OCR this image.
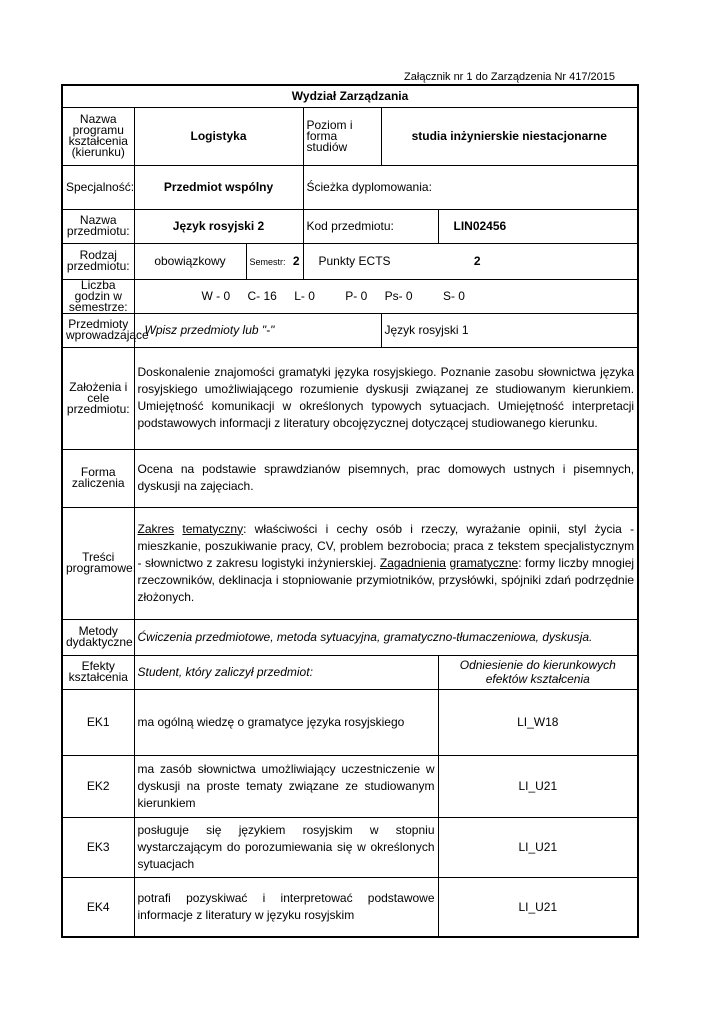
Załącznik nr 1 do Zarządzenia Nr 417/2015
Wydział Zarządzania					
Nazwa programu kształcenia (kierunku)	Logistyka		Poziom i forma studiów	studia inżynierskie niestacjonarne	
Specjalność:	Przedmiot wspólny		Ścieżka dyplomowania:		
Nazwa przedmiotu:	Język rosyjski 2		Kod przedmiotu:		LIN02456
Rodzaj przedmiotu:	obowiązkowy	Semestr: 2	Punkty ECTS 2		
Liczba godzin w semestrze:	W - 0 C- 16 L- 0 P- 0 Ps- 0 S- 0				
Przedmioty wprowadzające	Wpisz przedmioty lub "-"			Język rosyjski 1	
Założenia i cele przedmiotu:	Doskonalenie znajomości gramatyki języka rosyjskiego. Poznanie zasobu słownictwa języka rosyjskiego umożliwiającego rozumienie dyskusji związanej ze studiowanym kierunkiem. Umiejętność komunikacji w określonych typowych sytuacjach. Umiejętność interpretacji podstawowych informacji z literatury obcojęzycznej dotyczącej studiowanego kierunku.				
Forma zaliczenia	Ocena na podstawie sprawdzianów pisemnych, prac domowych ustnych i pisemnych, dyskusji na zajęciach.				
Treści programowe:	Zakres tematyczny: właściwości i cechy osób i rzeczy, wyrażanie opinii, styl życia - mieszkanie, poszukiwanie pracy, CV, problem bezrobocia; praca z tekstem specjalistycznym - słownictwo z zakresu logistyki inżynierskiej. Zagadnienia gramatyczne: formy liczby mnogiej rzeczowników, deklinacja i stopniowanie przymiotników, przysłówki, spójniki zdań podrzędnie złożonych.				
Metody dydaktyczne	Ćwiczenia przedmiotowe, metoda sytuacyjna, gramatyczno-tłumaczeniowa, dyskusja.				
Efekty kształcenia	Student, który zaliczył przedmiot:				Odniesienie do kierunkowych efektów kształcenia
EK1	ma ogólną wiedzę o gramatyce języka rosyjskiego				LI_W18
EK2	ma zasób słownictwa umożliwiający uczestniczenie w dyskusji na proste tematy związane ze studiowanym kierunkiem				LI_U21
EK3	posługuje się językiem rosyjskim w stopniu wystarczającym do porozumiewania się w określonych sytuacjach				LI_U21
EK4	potrafi pozyskiwać i interpretować podstawowe informacje z literatury w języku rosyjskim				LI_U21
